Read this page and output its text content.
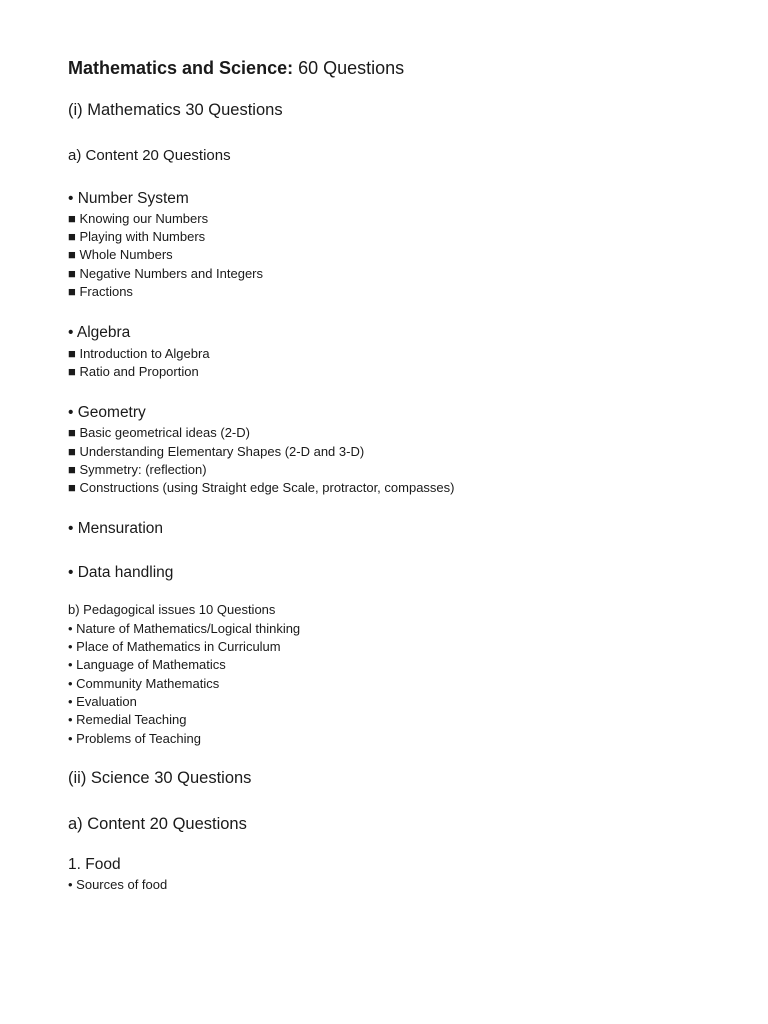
Mathematics and Science: 60 Questions
(i) Mathematics 30 Questions
a) Content 20 Questions
• Number System
■ Knowing our Numbers
■ Playing with Numbers
■ Whole Numbers
■ Negative Numbers and Integers
■ Fractions
• Algebra
■ Introduction to Algebra
■ Ratio and Proportion
• Geometry
■ Basic geometrical ideas (2-D)
■ Understanding Elementary Shapes (2-D and 3-D)
■ Symmetry: (reflection)
■ Constructions (using Straight edge Scale, protractor, compasses)
• Mensuration
• Data handling
b) Pedagogical issues 10 Questions
• Nature of Mathematics/Logical thinking
• Place of Mathematics in Curriculum
• Language of Mathematics
• Community Mathematics
• Evaluation
• Remedial Teaching
• Problems of Teaching
(ii) Science 30 Questions
a) Content 20 Questions
1. Food
• Sources of food
